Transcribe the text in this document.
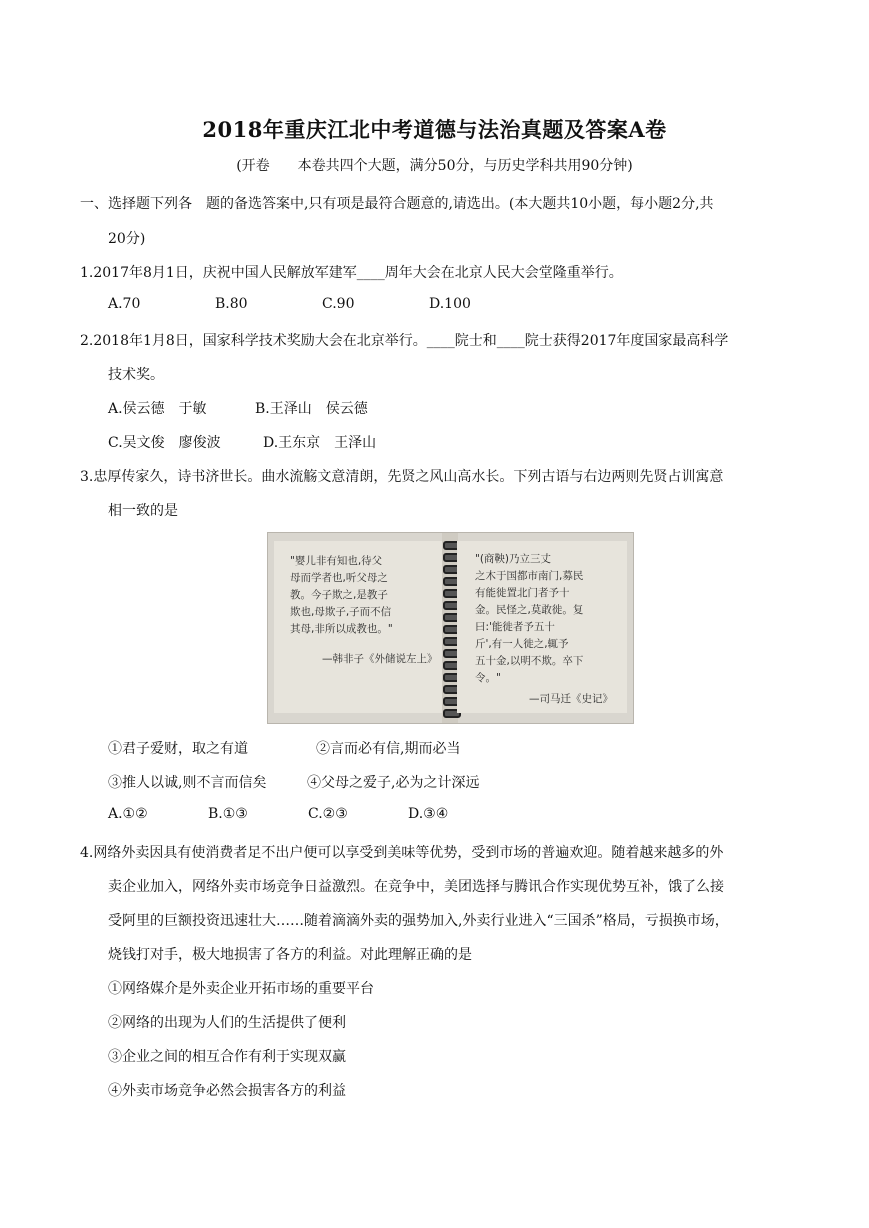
2018年重庆江北中考道德与法治真题及答案A卷
(开卷　　本卷共四个大题，满分50分，与历史学科共用90分钟)
一、选择题下列各　题的备选答案中,只有项是最符合题意的,请选出。(本大题共10小题，每小题2分,共
20分)
1.2017年8月1日，庆祝中国人民解放军建军____周年大会在北京人民大会堂隆重举行。
A.70	B.80	C.90	D.100
2.2018年1月8日，国家科学技术奖励大会在北京举行。____院士和____院士获得2017年度国家最高科学
技术奖。
A.侯云德　于敏	B.王泽山　侯云德
C.吴文俊　廖俊波	D.王东京　王泽山
3.忠厚传家久，诗书济世长。曲水流觞文意清朗，先贤之风山高水长。下列古语与右边两则先贤占训寓意
相一致的是
"婴儿非有知也,待父
母而学者也,听父母之
教。今子欺之,是教子
欺也,母欺子,子而不信
其母,非所以成教也。"
—韩非子《外储说左上》
"(商鞅)乃立三丈
之木于国都市南门,募民
有能徙置北门者予十
金。民怪之,莫敢徙。复
曰:'能徙者予五十
斤',有一人徙之,辄予
五十金,以明不欺。卒下
令。"
—司马迁《史记》
①君子爱财，取之有道	②言而必有信,期而必当
③推人以诚,则不言而信矣	④父母之爱子,必为之计深远
A.①②	B.①③	C.②③	D.③④
4.网络外卖因具有使消费者足不出户便可以享受到美味等优势，受到市场的普遍欢迎。随着越来越多的外
卖企业加入，网络外卖市场竞争日益激烈。在竞争中，美团选择与腾讯合作实现优势互补，饿了么接
受阿里的巨额投资迅速壮大……随着滴滴外卖的强势加入,外卖行业进入“三国杀”格局，亏损换市场，
烧钱打对手，极大地损害了各方的利益。对此理解正确的是
①网络媒介是外卖企业开拓市场的重要平台
②网络的出现为人们的生活提供了便利
③企业之间的相互合作有利于实现双赢
④外卖市场竞争必然会损害各方的利益
